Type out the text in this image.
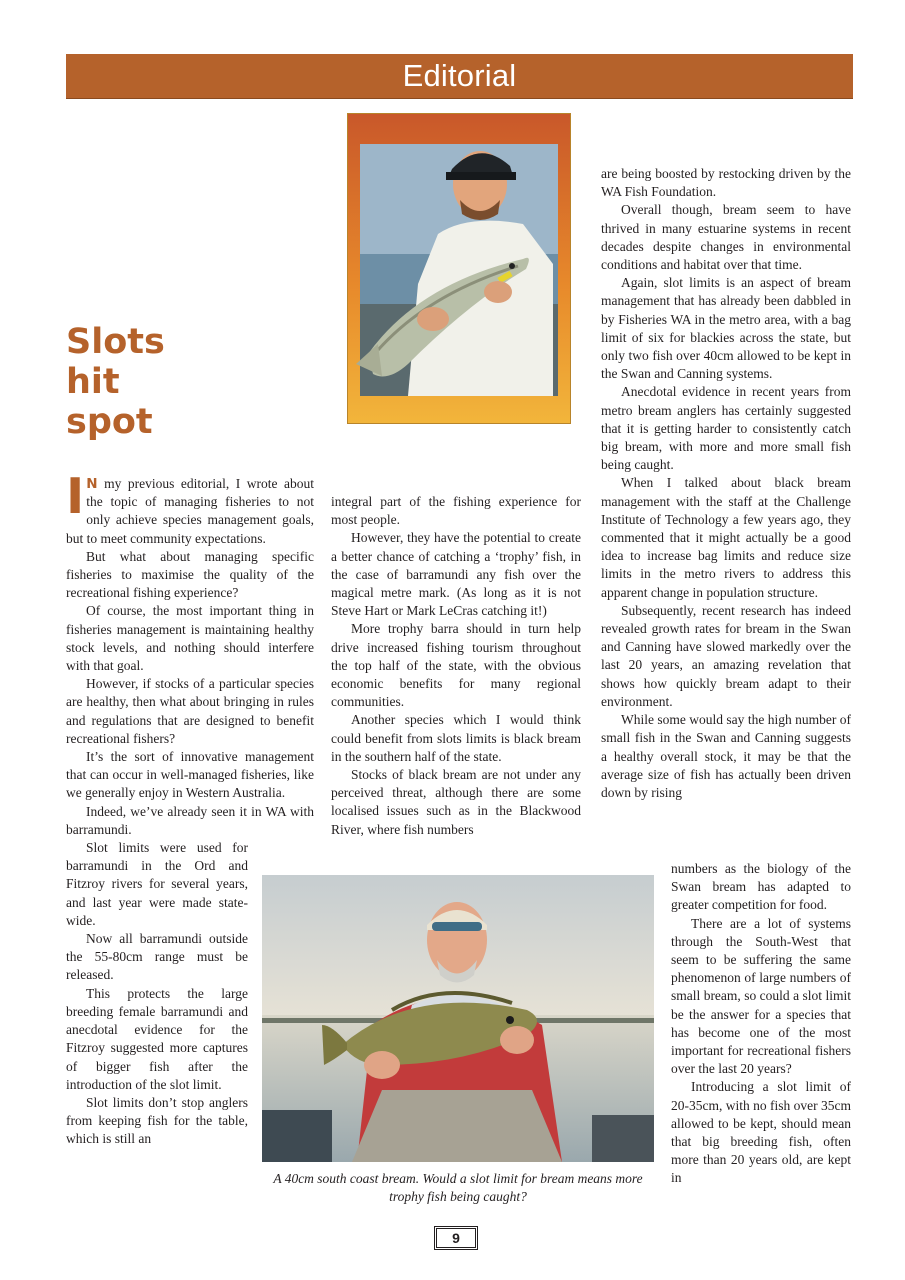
Editorial
Slots
hit
spot

I N my previous editorial, I wrote about the topic of managing fisheries to not only achieve species management goals, but to meet community expectations.

But what about managing specific fisheries to maximise the quality of the recreational fishing experience?

Of course, the most important thing in fisheries management is maintaining healthy stock levels, and nothing should interfere with that goal.

However, if stocks of a particular species are healthy, then what about bringing in rules and regulations that are designed to benefit recreational fishers?

It’s the sort of innovative management that can occur in well-managed fisheries, like we generally enjoy in Western Australia.

Indeed, we’ve already seen it in WA with barramundi.

Slot limits were used for barramundi in the Ord and Fitzroy rivers for several years, and last year were made state-wide.

Now all barramundi outside the 55-80cm range must be released.

This protects the large breeding female barramundi and anecdotal evidence for the Fitzroy suggested more captures of bigger fish after the introduction of the slot limit.

Slot limits don’t stop anglers from keeping fish for the table, which is still an

integral part of the fishing experience for most people.

However, they have the potential to create a better chance of catching a ‘trophy’ fish, in the case of barramundi any fish over the magical metre mark. (As long as it is not Steve Hart or Mark LeCras catching it!)

More trophy barra should in turn help drive increased fishing tourism throughout the top half of the state, with the obvious economic benefits for many regional communities.

Another species which I would think could benefit from slots limits is black bream in the southern half of the state.

Stocks of black bream are not under any perceived threat, although there are some localised issues such as in the Blackwood River, where fish numbers

are being boosted by restocking driven by the WA Fish Foundation.

Overall though, bream seem to have thrived in many estuarine systems in recent decades despite changes in environmental conditions and habitat over that time.

Again, slot limits is an aspect of bream management that has already been dabbled in by Fisheries WA in the metro area, with a bag limit of six for blackies across the state, but only two fish over 40cm allowed to be kept in the Swan and Canning systems.

Anecdotal evidence in recent years from metro bream anglers has certainly suggested that it is getting harder to consistently catch big bream, with more and more small fish being caught.

When I talked about black bream management with the staff at the Challenge Institute of Technology a few years ago, they commented that it might actually be a good idea to increase bag limits and reduce size limits in the metro rivers to address this apparent change in population structure.

Subsequently, recent research has indeed revealed growth rates for bream in the Swan and Canning have slowed markedly over the last 20 years, an amazing revelation that shows how quickly bream adapt to their environment.

While some would say the high number of small fish in the Swan and Canning suggests a healthy overall stock, it may be that the average size of fish has actually been driven down by rising

numbers as the biology of the Swan bream has adapted to greater competition for food.

There are a lot of systems through the South-West that seem to be suffering the same phenomenon of large numbers of small bream, so could a slot limit be the answer for a species that has become one of the most important for recreational fishers over the last 20 years?

Introducing a slot limit of 20-35cm, with no fish over 35cm allowed to be kept, should mean that big breeding fish, often more than 20 years old, are kept in

A 40cm south coast bream. Would a slot limit for bream means more trophy fish being caught?
9
